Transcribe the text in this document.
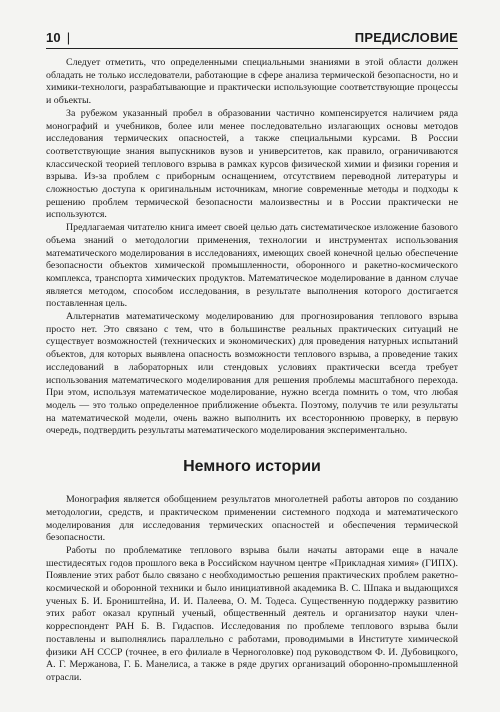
10 |	ПРЕДИСЛОВИЕ

Следует отметить, что определенными специальными знаниями в этой области должен обладать не только исследователи, работающие в сфере анализа термической безопасности, но и химики-технологи, разрабатывающие и практически использующие соответствующие процессы и объекты.

За рубежом указанный пробел в образовании частично компенсируется наличием ряда монографий и учебников, более или менее последовательно излагающих основы методов исследования термических опасностей, а также специальными курсами. В России соответствующие знания выпускников вузов и университетов, как правило, ограничиваются классической теорией теплового взрыва в рамках курсов физической химии и физики горения и взрыва. Из-за проблем с приборным оснащением, отсутствием переводной литературы и сложностью доступа к оригинальным источникам, многие современные методы и подходы к решению проблем термической безопасности малоизвестны и в России практически не используются.

Предлагаемая читателю книга имеет своей целью дать систематическое изложение базового объема знаний о методологии применения, технологии и инструментах использования математического моделирования в исследованиях, имеющих своей конечной целью обеспечение безопасности объектов химической промышленности, оборонного и ракетно-космического комплекса, транспорта химических продуктов. Математическое моделирование в данном случае является методом, способом исследования, в результате выполнения которого достигается поставленная цель.

Альтернатив математическому моделированию для прогнозирования теплового взрыва просто нет. Это связано с тем, что в большинстве реальных практических ситуаций не существует возможностей (технических и экономических) для проведения натурных испытаний объектов, для которых выявлена опасность возможности теплового взрыва, а проведение таких исследований в лабораторных или стендовых условиях практически всегда требует использования математического моделирования для решения проблемы масштабного перехода. При этом, используя математическое моделирование, нужно всегда помнить о том, что любая модель — это только определенное приближение объекта. Поэтому, получив те или результаты на математической модели, очень важно выполнить их всестороннюю проверку, в первую очередь, подтвердить результаты математического моделирования экспериментально.

Немного истории

Монография является обобщением результатов многолетней работы авторов по созданию методологии, средств, и практическом применении системного подхода и математического моделирования для исследования термических опасностей и обеспечения термической безопасности.

Работы по проблематике теплового взрыва были начаты авторами еще в начале шестидесятых годов прошлого века в Российском научном центре «Прикладная химия» (ГИПХ). Появление этих работ было связано с необходимостью решения практических проблем ракетно-космической и оборонной техники и было инициативной академика В. С. Шпака и выдающихся ученых Б. И. Броништейна, И. И. Палеева, О. М. Тодеса. Существенную поддержку развитию этих работ оказал крупный ученый, общественный деятель и организатор науки член-корреспондент РАН Б. В. Гидаспов. Исследования по проблеме теплового взрыва были поставлены и выполнялись параллельно с работами, проводимыми в Институте химической физики АН СССР (точнее, в его филиале в Черноголовке) под руководством Ф. И. Дубовицкого, А. Г. Мержанова, Г. Б. Манелиса, а также в ряде других организаций оборонно-промышленной отрасли.
